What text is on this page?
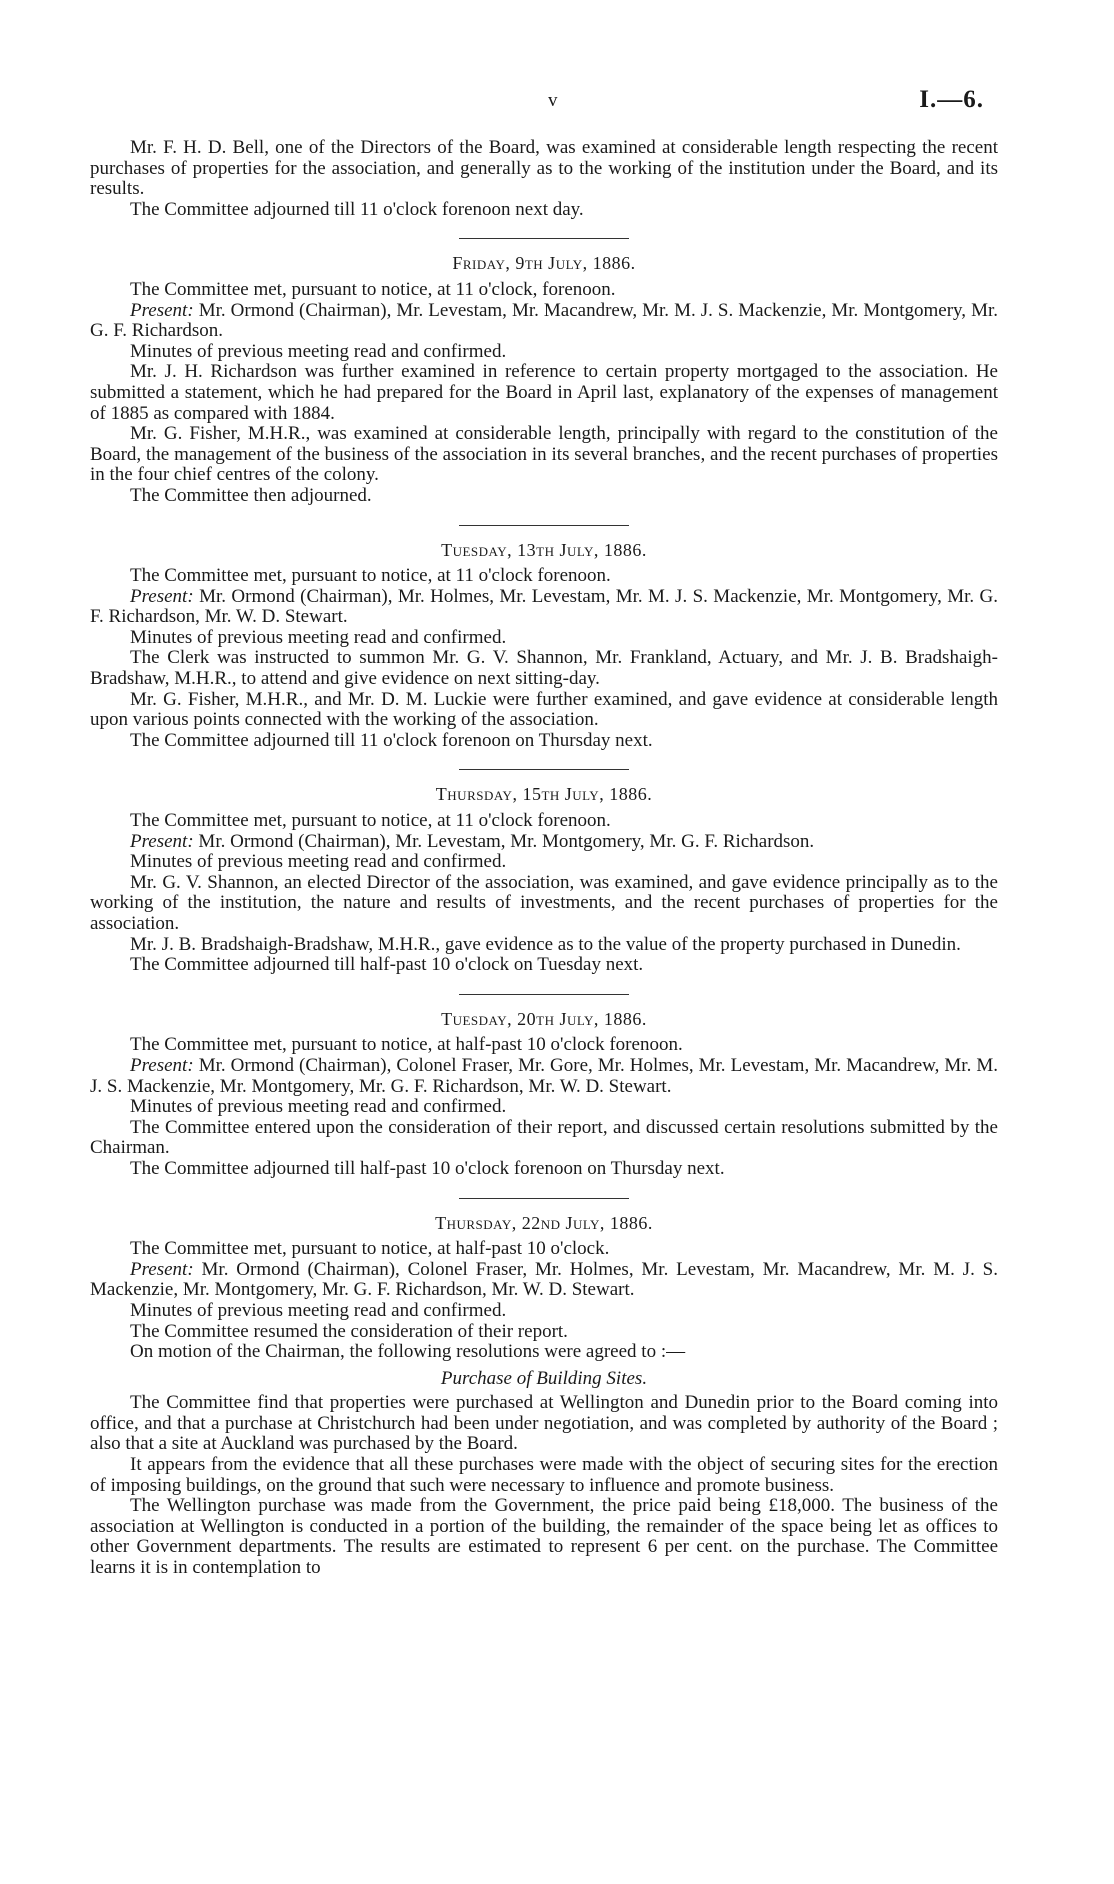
v	I.—6.

Mr. F. H. D. Bell, one of the Directors of the Board, was examined at considerable length respecting the recent purchases of properties for the association, and generally as to the working of the institution under the Board, and its results.

The Committee adjourned till 11 o'clock forenoon next day.

Friday, 9th July, 1886.

The Committee met, pursuant to notice, at 11 o'clock, forenoon.

Present: Mr. Ormond (Chairman), Mr. Levestam, Mr. Macandrew, Mr. M. J. S. Mackenzie, Mr. Montgomery, Mr. G. F. Richardson.

Minutes of previous meeting read and confirmed.

Mr. J. H. Richardson was further examined in reference to certain property mortgaged to the association. He submitted a statement, which he had prepared for the Board in April last, explanatory of the expenses of management of 1885 as compared with 1884.

Mr. G. Fisher, M.H.R., was examined at considerable length, principally with regard to the constitution of the Board, the management of the business of the association in its several branches, and the recent purchases of properties in the four chief centres of the colony.

The Committee then adjourned.

Tuesday, 13th July, 1886.

The Committee met, pursuant to notice, at 11 o'clock forenoon.

Present: Mr. Ormond (Chairman), Mr. Holmes, Mr. Levestam, Mr. M. J. S. Mackenzie, Mr. Montgomery, Mr. G. F. Richardson, Mr. W. D. Stewart.

Minutes of previous meeting read and confirmed.

The Clerk was instructed to summon Mr. G. V. Shannon, Mr. Frankland, Actuary, and Mr. J. B. Bradshaigh-Bradshaw, M.H.R., to attend and give evidence on next sitting-day.

Mr. G. Fisher, M.H.R., and Mr. D. M. Luckie were further examined, and gave evidence at considerable length upon various points connected with the working of the association.

The Committee adjourned till 11 o'clock forenoon on Thursday next.

Thursday, 15th July, 1886.

The Committee met, pursuant to notice, at 11 o'clock forenoon.

Present: Mr. Ormond (Chairman), Mr. Levestam, Mr. Montgomery, Mr. G. F. Richardson.

Minutes of previous meeting read and confirmed.

Mr. G. V. Shannon, an elected Director of the association, was examined, and gave evidence principally as to the working of the institution, the nature and results of investments, and the recent purchases of properties for the association.

Mr. J. B. Bradshaigh-Bradshaw, M.H.R., gave evidence as to the value of the property purchased in Dunedin.

The Committee adjourned till half-past 10 o'clock on Tuesday next.

Tuesday, 20th July, 1886.

The Committee met, pursuant to notice, at half-past 10 o'clock forenoon.

Present: Mr. Ormond (Chairman), Colonel Fraser, Mr. Gore, Mr. Holmes, Mr. Levestam, Mr. Macandrew, Mr. M. J. S. Mackenzie, Mr. Montgomery, Mr. G. F. Richardson, Mr. W. D. Stewart.

Minutes of previous meeting read and confirmed.

The Committee entered upon the consideration of their report, and discussed certain resolutions submitted by the Chairman.

The Committee adjourned till half-past 10 o'clock forenoon on Thursday next.

Thursday, 22nd July, 1886.

The Committee met, pursuant to notice, at half-past 10 o'clock.

Present: Mr. Ormond (Chairman), Colonel Fraser, Mr. Holmes, Mr. Levestam, Mr. Macandrew, Mr. M. J. S. Mackenzie, Mr. Montgomery, Mr. G. F. Richardson, Mr. W. D. Stewart.

Minutes of previous meeting read and confirmed.

The Committee resumed the consideration of their report.

On motion of the Chairman, the following resolutions were agreed to :—

Purchase of Building Sites.

The Committee find that properties were purchased at Wellington and Dunedin prior to the Board coming into office, and that a purchase at Christchurch had been under negotiation, and was completed by authority of the Board ; also that a site at Auckland was purchased by the Board.

It appears from the evidence that all these purchases were made with the object of securing sites for the erection of imposing buildings, on the ground that such were necessary to influence and promote business.

The Wellington purchase was made from the Government, the price paid being £18,000. The business of the association at Wellington is conducted in a portion of the building, the remainder of the space being let as offices to other Government departments. The results are estimated to represent 6 per cent. on the purchase. The Committee learns it is in contemplation to
